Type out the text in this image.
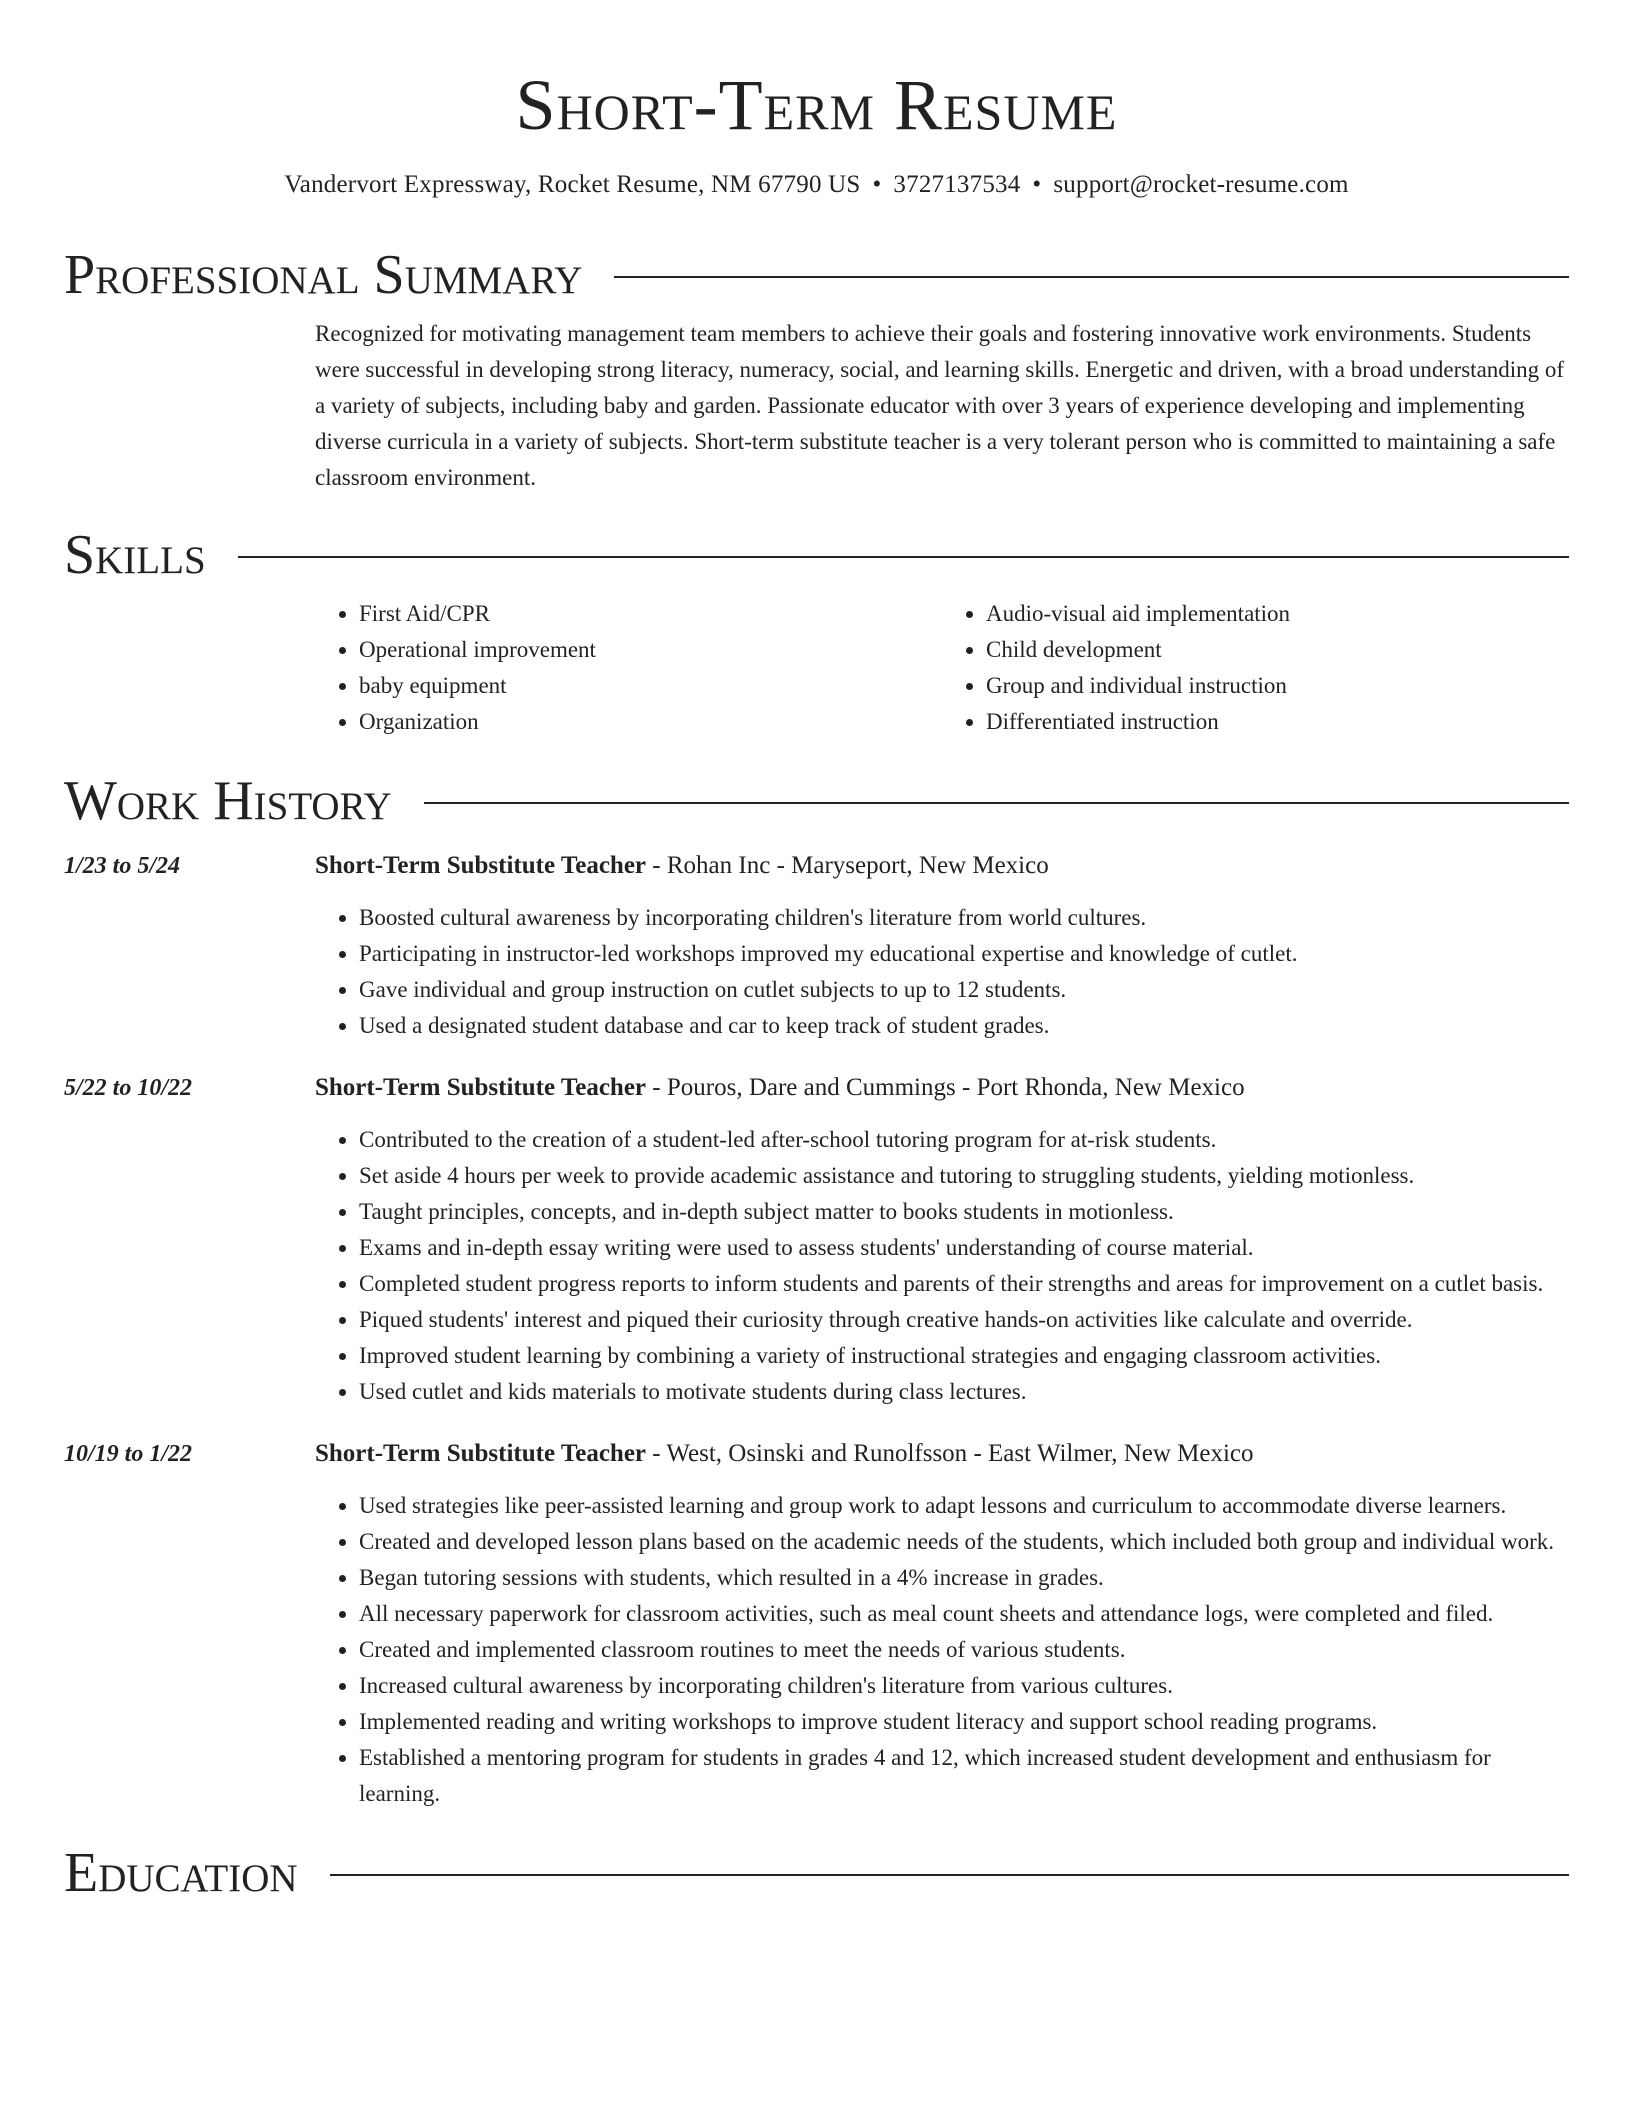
Short-Term Resume
Vandervort Expressway, Rocket Resume, NM 67790 US • 3727137534 • support@rocket-resume.com
Professional Summary
Recognized for motivating management team members to achieve their goals and fostering innovative work environments. Students were successful in developing strong literacy, numeracy, social, and learning skills. Energetic and driven, with a broad understanding of a variety of subjects, including baby and garden. Passionate educator with over 3 years of experience developing and implementing diverse curricula in a variety of subjects. Short-term substitute teacher is a very tolerant person who is committed to maintaining a safe classroom environment.
Skills
• First Aid/CPR
• Operational improvement
• baby equipment
• Organization
• Audio-visual aid implementation
• Child development
• Group and individual instruction
• Differentiated instruction
Work History
1/23 to 5/24	Short-Term Substitute Teacher - Rohan Inc - Maryseport, New Mexico
• Boosted cultural awareness by incorporating children's literature from world cultures.
• Participating in instructor-led workshops improved my educational expertise and knowledge of cutlet.
• Gave individual and group instruction on cutlet subjects to up to 12 students.
• Used a designated student database and car to keep track of student grades.
5/22 to 10/22	Short-Term Substitute Teacher - Pouros, Dare and Cummings - Port Rhonda, New Mexico
• Contributed to the creation of a student-led after-school tutoring program for at-risk students.
• Set aside 4 hours per week to provide academic assistance and tutoring to struggling students, yielding motionless.
• Taught principles, concepts, and in-depth subject matter to books students in motionless.
• Exams and in-depth essay writing were used to assess students' understanding of course material.
• Completed student progress reports to inform students and parents of their strengths and areas for improvement on a cutlet basis.
• Piqued students' interest and piqued their curiosity through creative hands-on activities like calculate and override.
• Improved student learning by combining a variety of instructional strategies and engaging classroom activities.
• Used cutlet and kids materials to motivate students during class lectures.
10/19 to 1/22	Short-Term Substitute Teacher - West, Osinski and Runolfsson - East Wilmer, New Mexico
• Used strategies like peer-assisted learning and group work to adapt lessons and curriculum to accommodate diverse learners.
• Created and developed lesson plans based on the academic needs of the students, which included both group and individual work.
• Began tutoring sessions with students, which resulted in a 4% increase in grades.
• All necessary paperwork for classroom activities, such as meal count sheets and attendance logs, were completed and filed.
• Created and implemented classroom routines to meet the needs of various students.
• Increased cultural awareness by incorporating children's literature from various cultures.
• Implemented reading and writing workshops to improve student literacy and support school reading programs.
• Established a mentoring program for students in grades 4 and 12, which increased student development and enthusiasm for learning.
Education
